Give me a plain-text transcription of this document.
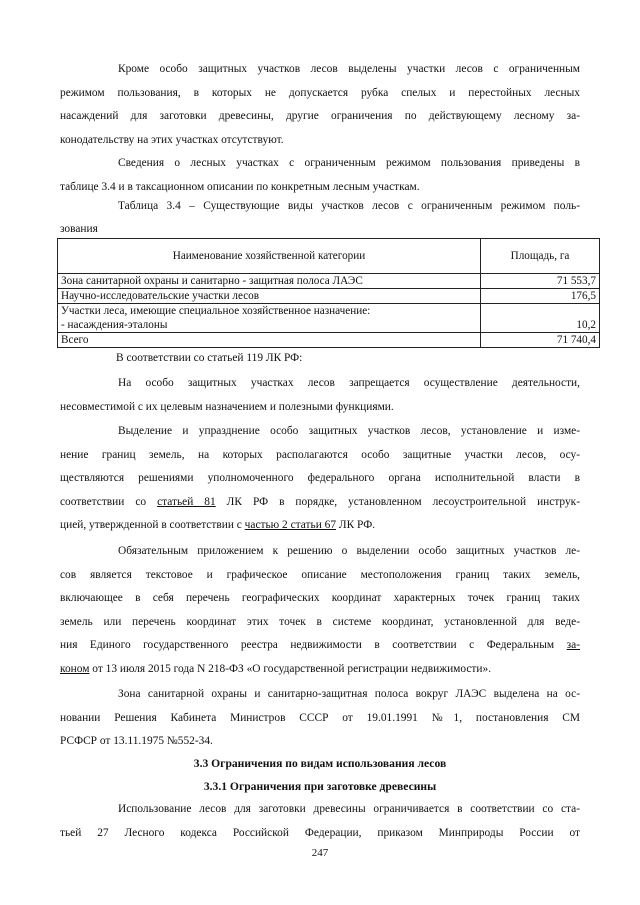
Кроме особо защитных участков лесов выделены участки лесов с ограниченным
режимом пользования, в которых не допускается рубка спелых и перестойных лесных
насаждений для заготовки древесины, другие ограничения по действующему лесному за-
конодательству на этих участках отсутствуют.
Сведения о лесных участках с ограниченным режимом пользования приведены в
таблице 3.4 и в таксационном описании по конкретным лесным участкам.
Таблица 3.4 – Существующие виды участков лесов с ограниченным режимом поль-
зования
Наименование хозяйственной категории	Площадь, га
Зона санитарной охраны и санитарно - защитная полоса ЛАЭС	71 553,7
Научно-исследовательские участки лесов	176,5

Участки леса, имеющие специальное хозяйственное назначение:
- насаждения-эталоны	10,2
Всего	71 740,4

В соответствии со статьей 119 ЛК РФ:

На особо защитных участках лесов запрещается осуществление деятельности,
несовместимой с их целевым назначением и полезными функциями.
Выделение и упразднение особо защитных участков лесов, установление и изме-
нение границ земель, на которых располагаются особо защитные участки лесов, осу-
ществляются решениями уполномоченного федерального органа исполнительной власти в
соответствии со статьей 81 ЛК РФ в порядке, установленном лесоустроительной инструк-
цией, утвержденной в соответствии с частью 2 статьи 67 ЛК РФ.
Обязательным приложением к решению о выделении особо защитных участков ле-
сов является текстовое и графическое описание местоположения границ таких земель,
включающее в себя перечень географических координат характерных точек границ таких
земель или перечень координат этих точек в системе координат, установленной для веде-
ния Единого государственного реестра недвижимости в соответствии с Федеральным за-
коном от 13 июля 2015 года N 218-ФЗ «О государственной регистрации недвижимости».
Зона санитарной охраны и санитарно-защитная полоса вокруг ЛАЭС выделена на ос-
новании Решения Кабинета Министров СССР от 19.01.1991 №1, постановления СМ
РСФСР от 13.11.1975 №552-34.

3.3 Ограничения по видам использования лесов

3.3.1 Ограничения при заготовке древесины

Использование лесов для заготовки древесины ограничивается в соответствии со ста-
тьей 27 Лесного кодекса Российской Федерации, приказом Минприроды России от
247
